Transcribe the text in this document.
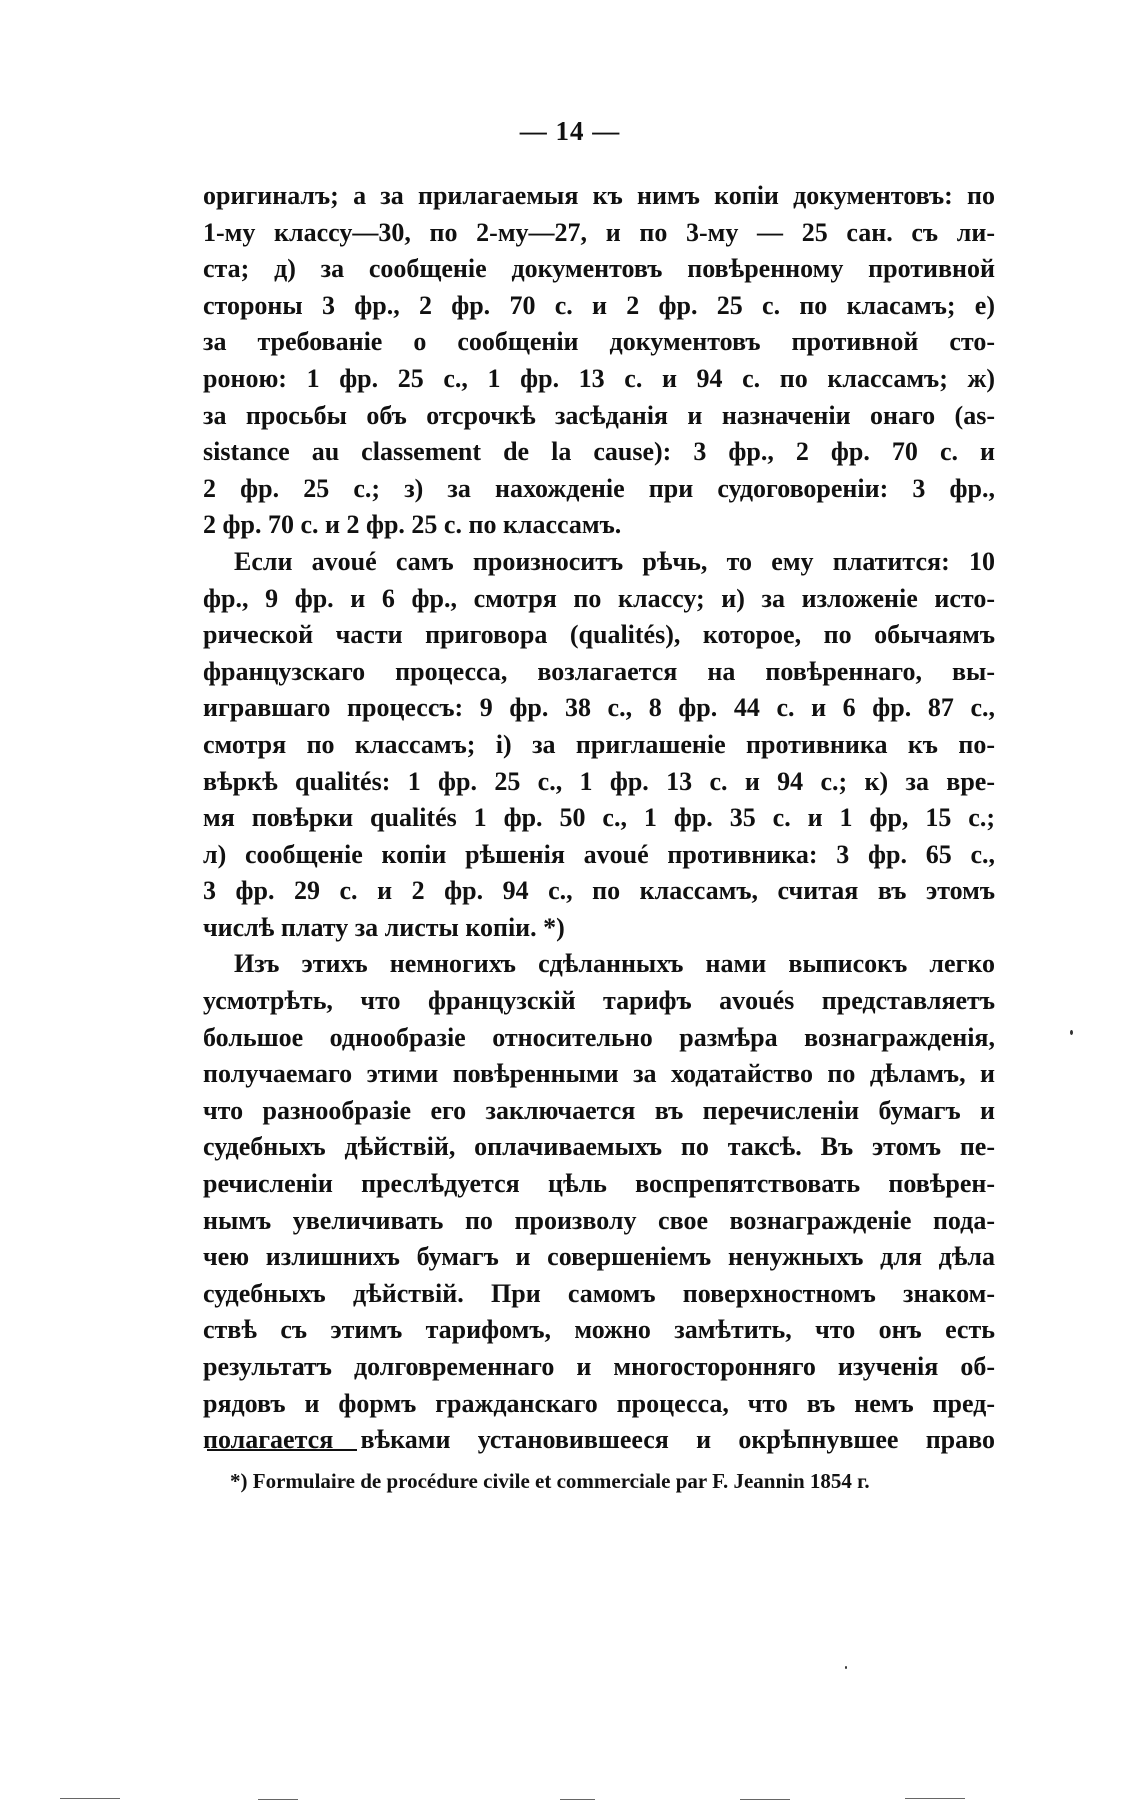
— 14 —
оригиналъ; а за прилагаемыя къ нимъ копіи документовъ: по
1-му классу—30, по 2-му—27, и по 3-му — 25 сан. съ ли-
ста; д) за сообщеніе документовъ повѣренному противной
стороны 3 фр., 2 фр. 70 с. и 2 фр. 25 с. по класамъ; е)
за требованіе о сообщеніи документовъ противной сто-
роною: 1 фр. 25 с., 1 фр. 13 с. и 94 с. по классамъ; ж)
за просьбы объ отсрочкѣ засѣданія и назначеніи онаго (as-
sistance au classement de la cause): 3 фр., 2 фр. 70 с. и
2 фр. 25 с.; з) за нахожденіе при судоговореніи: 3 фр.,
2 фр. 70 с. и 2 фр. 25 с. по классамъ.
Если avoué самъ произноситъ рѣчь, то ему платится: 10
фр., 9 фр. и 6 фр., смотря по классу; и) за изложеніе исто-
рической части приговора (qualités), которое, по обычаямъ
французскаго процесса, возлагается на повѣреннаго, вы-
игравшаго процессъ: 9 фр. 38 с., 8 фр. 44 с. и 6 фр. 87 с.,
смотря по классамъ; і) за приглашеніе противника къ по-
вѣркѣ qualités: 1 фр. 25 с., 1 фр. 13 с. и 94 с.; к) за вре-
мя повѣрки qualités 1 фр. 50 с., 1 фр. 35 с. и 1 фр, 15 с.;
л) сообщеніе копіи рѣшенія avoué противника: 3 фр. 65 с.,
3 фр. 29 с. и 2 фр. 94 с., по классамъ, считая въ этомъ
числѣ плату за листы копіи. *)
Изъ этихъ немногихъ сдѣланныхъ нами выписокъ легко
усмотрѣть, что французскій тарифъ avoués представляетъ
большое однообразіе относительно размѣра вознагражденія,
получаемаго этими повѣренными за ходатайство по дѣламъ, и
что разнообразіе его заключается въ перечисленіи бумагъ и
судебныхъ дѣйствій, оплачиваемыхъ по таксѣ. Въ этомъ пе-
речисленіи преслѣдуется цѣль воспрепятствовать повѣрен-
нымъ увеличивать по произволу свое вознагражденіе пода-
чею излишнихъ бумагъ и совершеніемъ ненужныхъ для дѣла
судебныхъ дѣйствій. При самомъ поверхностномъ знаком-
ствѣ съ этимъ тарифомъ, можно замѣтить, что онъ есть
результатъ долговременнаго и многосторонняго изученія об-
рядовъ и формъ гражданскаго процесса, что въ немъ пред-
полагается вѣками установившееся и окрѣпнувшее право
*) Formulaire de procédure civile et commerciale par F. Jeannin 1854 г.
